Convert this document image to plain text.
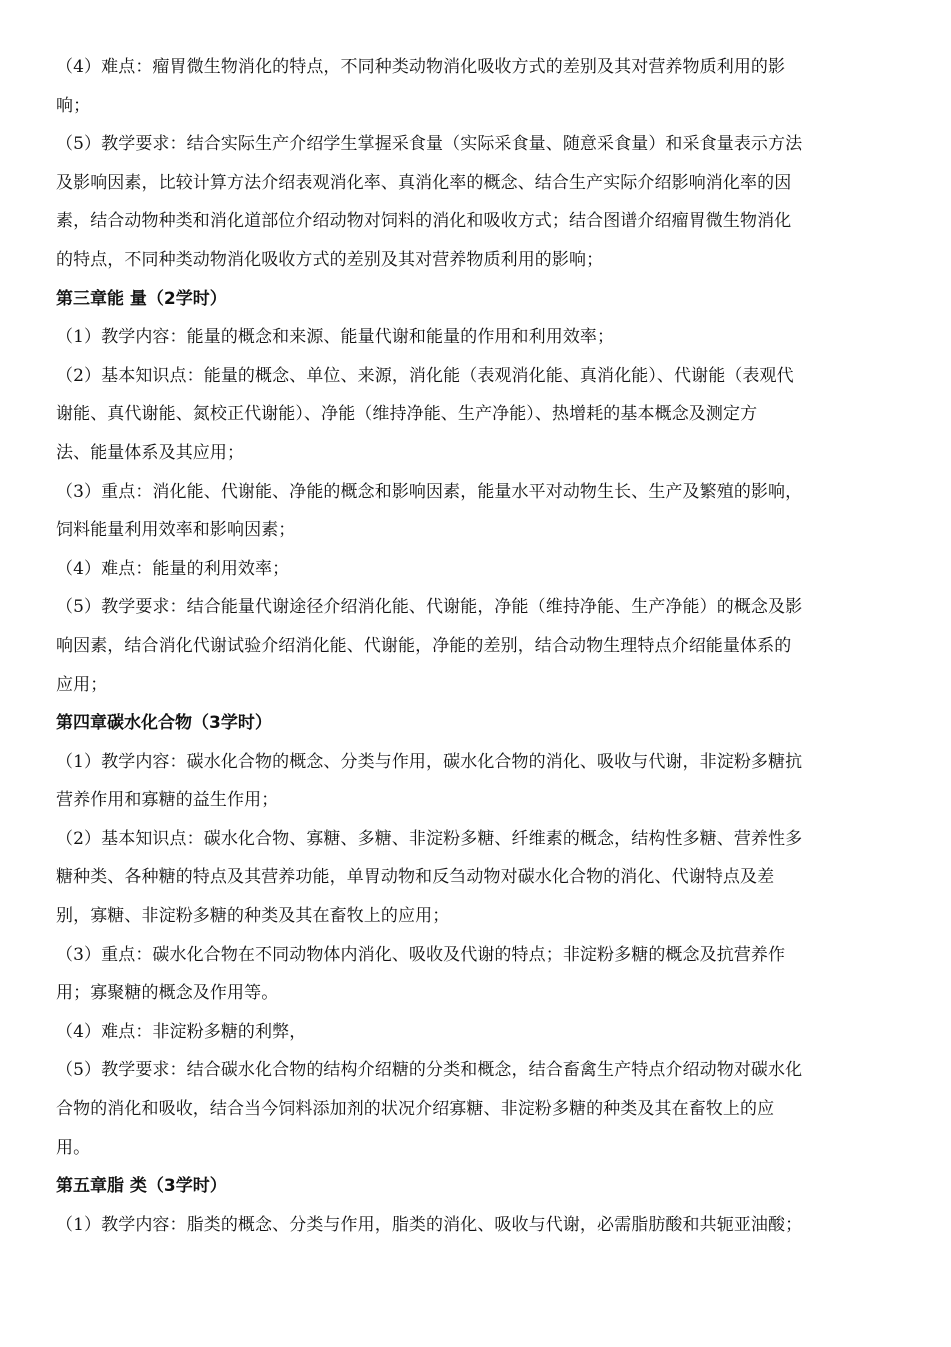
（4）难点：瘤胃微生物消化的特点，不同种类动物消化吸收方式的差别及其对营养物质利用的影
响；
（5）教学要求：结合实际生产介绍学生掌握采食量（实际采食量、随意采食量）和采食量表示方法
及影响因素，比较计算方法介绍表观消化率、真消化率的概念、结合生产实际介绍影响消化率的因
素，结合动物种类和消化道部位介绍动物对饲料的消化和吸收方式；结合图谱介绍瘤胃微生物消化
的特点，不同种类动物消化吸收方式的差别及其对营养物质利用的影响；
第三章能 量（2学时）
（1）教学内容：能量的概念和来源、能量代谢和能量的作用和利用效率；
（2）基本知识点：能量的概念、单位、来源，消化能（表观消化能、真消化能）、代谢能（表观代
谢能、真代谢能、氮校正代谢能）、净能（维持净能、生产净能）、热增耗的基本概念及测定方
法、能量体系及其应用；
（3）重点：消化能、代谢能、净能的概念和影响因素，能量水平对动物生长、生产及繁殖的影响，
饲料能量利用效率和影响因素；
（4）难点：能量的利用效率；
（5）教学要求：结合能量代谢途径介绍消化能、代谢能，净能（维持净能、生产净能）的概念及影
响因素，结合消化代谢试验介绍消化能、代谢能，净能的差别，结合动物生理特点介绍能量体系的
应用；
第四章碳水化合物（3学时）
（1）教学内容：碳水化合物的概念、分类与作用，碳水化合物的消化、吸收与代谢，非淀粉多糖抗
营养作用和寡糖的益生作用；
（2）基本知识点：碳水化合物、寡糖、多糖、非淀粉多糖、纤维素的概念，结构性多糖、营养性多
糖种类、各种糖的特点及其营养功能，单胃动物和反刍动物对碳水化合物的消化、代谢特点及差
别，寡糖、非淀粉多糖的种类及其在畜牧上的应用；
（3）重点：碳水化合物在不同动物体内消化、吸收及代谢的特点；非淀粉多糖的概念及抗营养作
用；寡聚糖的概念及作用等。
（4）难点：非淀粉多糖的利弊，
（5）教学要求：结合碳水化合物的结构介绍糖的分类和概念，结合畜禽生产特点介绍动物对碳水化
合物的消化和吸收，结合当今饲料添加剂的状况介绍寡糖、非淀粉多糖的种类及其在畜牧上的应
用。
第五章脂 类（3学时）
（1）教学内容：脂类的概念、分类与作用，脂类的消化、吸收与代谢，必需脂肪酸和共轭亚油酸；
